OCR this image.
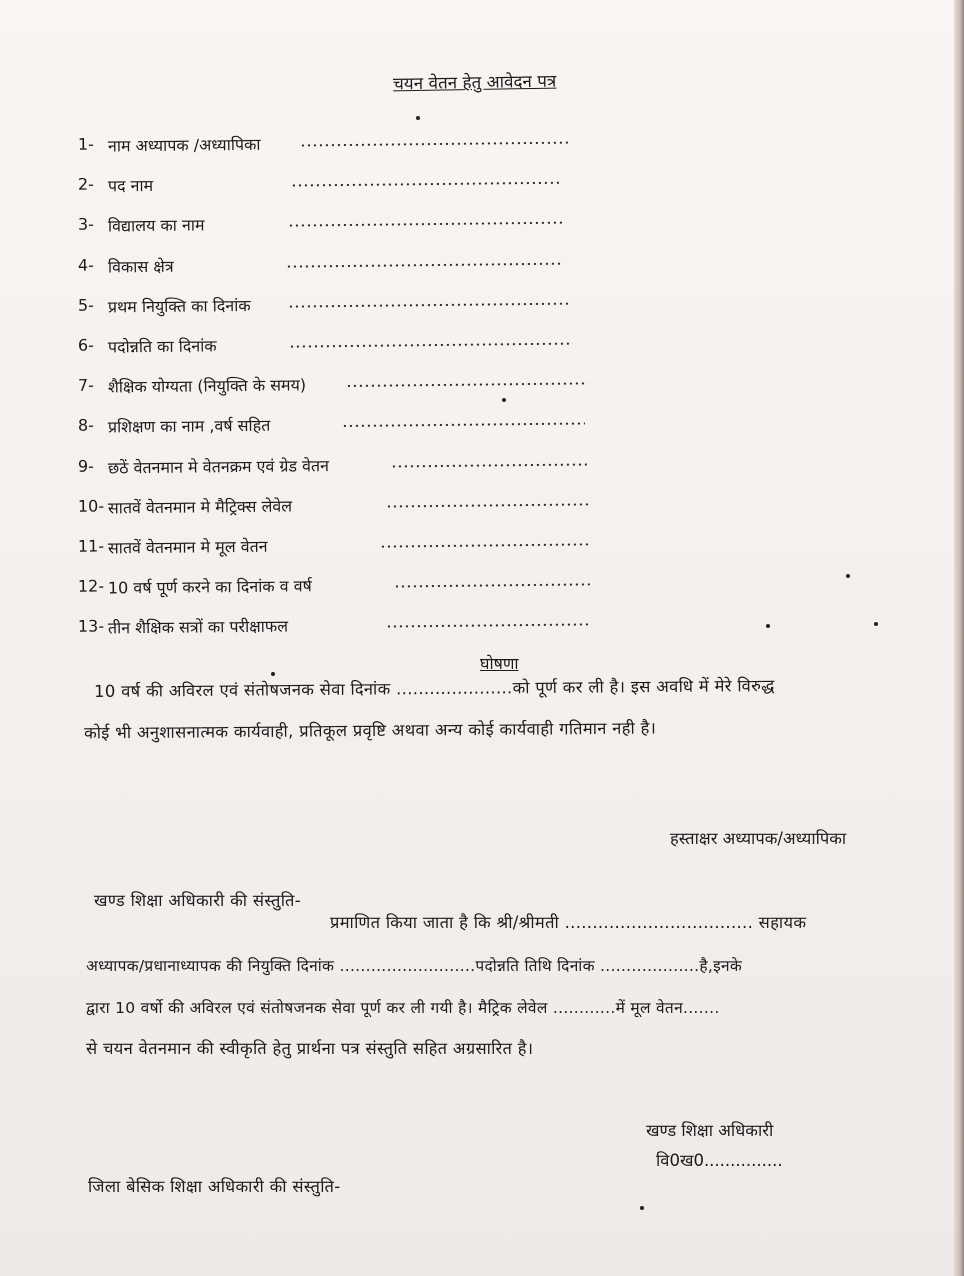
चयन वेतन हेतु आवेदन पत्र
1- नाम अध्यापक /अध्यापिका
2- पद नाम
3- विद्यालय का नाम
4- विकास क्षेत्र
5- प्रथम नियुक्ति का दिनांक
6- पदोन्नति का दिनांक
7- शैक्षिक योग्यता (नियुक्ति के समय)
8- प्रशिक्षण का नाम ,वर्ष सहित
9- छठें वेतनमान मे वेतनक्रम एवं ग्रेड वेतन
10- सातवें वेतनमान मे मैट्रिक्स लेवेल
11- सातवें वेतनमान मे मूल वेतन
12- 10 वर्ष पूर्ण करने का दिनांक व वर्ष
13- तीन शैक्षिक सत्रों का परीक्षाफल
घोषणा
10 वर्ष की अविरल एवं संतोषजनक सेवा दिनांक .....................को पूर्ण कर ली है। इस अवधि में मेरे विरुद्ध
कोई भी अनुशासनात्मक कार्यवाही, प्रतिकूल प्रवृष्टि अथवा अन्य कोई कार्यवाही गतिमान नही है।
हस्ताक्षर अध्यापक/अध्यापिका
खण्ड शिक्षा अधिकारी की संस्तुति-
प्रमाणित किया जाता है कि श्री/श्रीमती .................................. सहायक
अध्यापक/प्रधानाध्यापक की नियुक्ति दिनांक ..........................पदोन्नति तिथि दिनांक ...................है,इनके
द्वारा 10 वर्षो की अविरल एवं संतोषजनक सेवा पूर्ण कर ली गयी है। मैट्रिक लेवेल ............में मूल वेतन.......
से चयन वेतनमान की स्वीकृति हेतु प्रार्थना पत्र संस्तुति सहित अग्रसारित है।
खण्ड शिक्षा अधिकारी
वि0ख0...............
जिला बेसिक शिक्षा अधिकारी की संस्तुति-
